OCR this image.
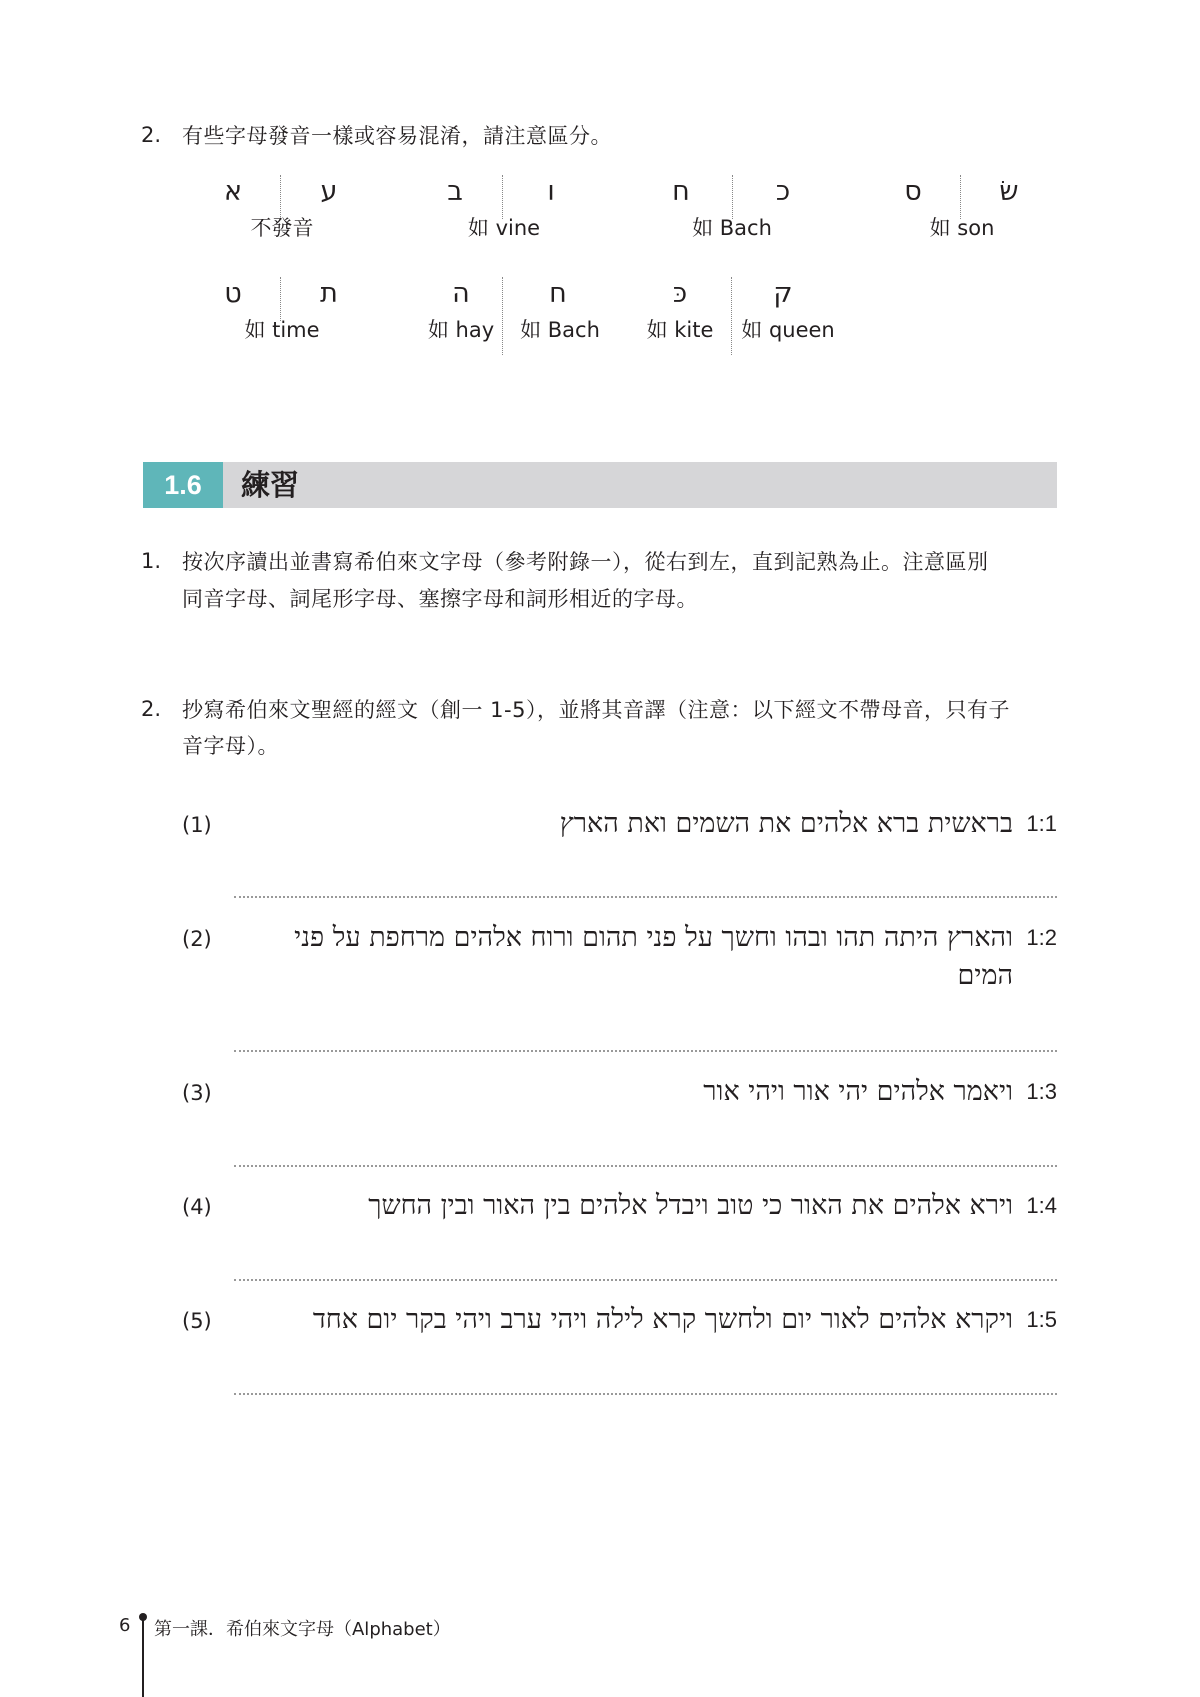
2. 有些字母發音一樣或容易混淆，請注意區分。
א	ע
不發音
ב	ו
如 vine
ח	כ
如 Bach
ס	שׂ
如 son
ט	ת
如 time
ה
如 hay
ח
如 Bach
כּ
如 kite
ק
如 queen
1.6	練習
1. 按次序讀出並書寫希伯來文字母（參考附錄一），從右到左，直到記熟為止。注意區別
同音字母、詞尾形字母、塞擦字母和詞形相近的字母。
2. 抄寫希伯來文聖經的經文（創一 1-5），並將其音譯（注意：以下經文不帶母音，只有子
音字母）。
(1)	1:1
בראשית ברא אלהים את השמים ואת הארץ
(2)	1:2
והארץ היתה תהו ובהו וחשך על פני תהום ורוח אלהים מרחפת על פני המים
(3)	1:3
ויאמר אלהים יהי אור ויהי אור
(4)	1:4
וירא אלהים את האור כי טוב ויבדל אלהים בין האור ובין החשך
(5)	1:5
ויקרא אלהים לאור יום ולחשך קרא לילה ויהי ערב ויהי בקר יום אחד
6 第一課．希伯來文字母（Alphabet）
